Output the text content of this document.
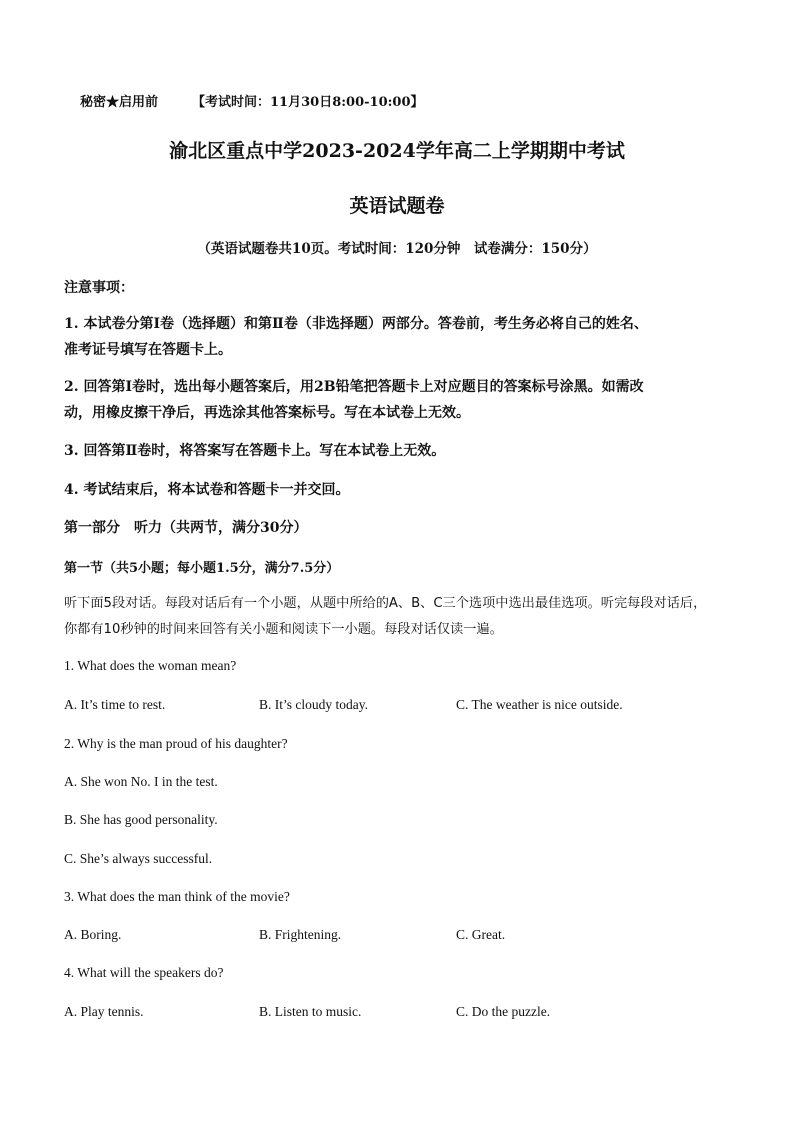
秘密★启用前	【考试时间：11月30日8:00-10:00】
渝北区重点中学2023-2024学年高二上学期期中考试
英语试题卷
（英语试题卷共10页。考试时间：120分钟　试卷满分：150分）
注意事项：
1. 本试卷分第Ⅰ卷（选择题）和第Ⅱ卷（非选择题）两部分。答卷前，考生务必将自己的姓名、
准考证号填写在答题卡上。
2. 回答第Ⅰ卷时，选出每小题答案后，用2B铅笔把答题卡上对应题目的答案标号涂黑。如需改
动，用橡皮擦干净后，再选涂其他答案标号。写在本试卷上无效。
3. 回答第Ⅱ卷时，将答案写在答题卡上。写在本试卷上无效。
4. 考试结束后，将本试卷和答题卡一并交回。
第一部分　听力（共两节，满分30分）
第一节（共5小题；每小题1.5分，满分7.5分）
听下面5段对话。每段对话后有一个小题，从题中所给的A、B、C三个选项中选出最佳选项。听完每段对话后，
你都有10秒钟的时间来回答有关小题和阅读下一小题。每段对话仅读一遍。
1. What does the woman mean?
A. It’s time to rest.	B. It’s cloudy today.	C. The weather is nice outside.
2. Why is the man proud of his daughter?
A. She won No. I in the test.
B. She has good personality.
C. She’s always successful.
3. What does the man think of the movie?
A. Boring.	B. Frightening.	C. Great.
4. What will the speakers do?
A. Play tennis.	B. Listen to music.	C. Do the puzzle.
